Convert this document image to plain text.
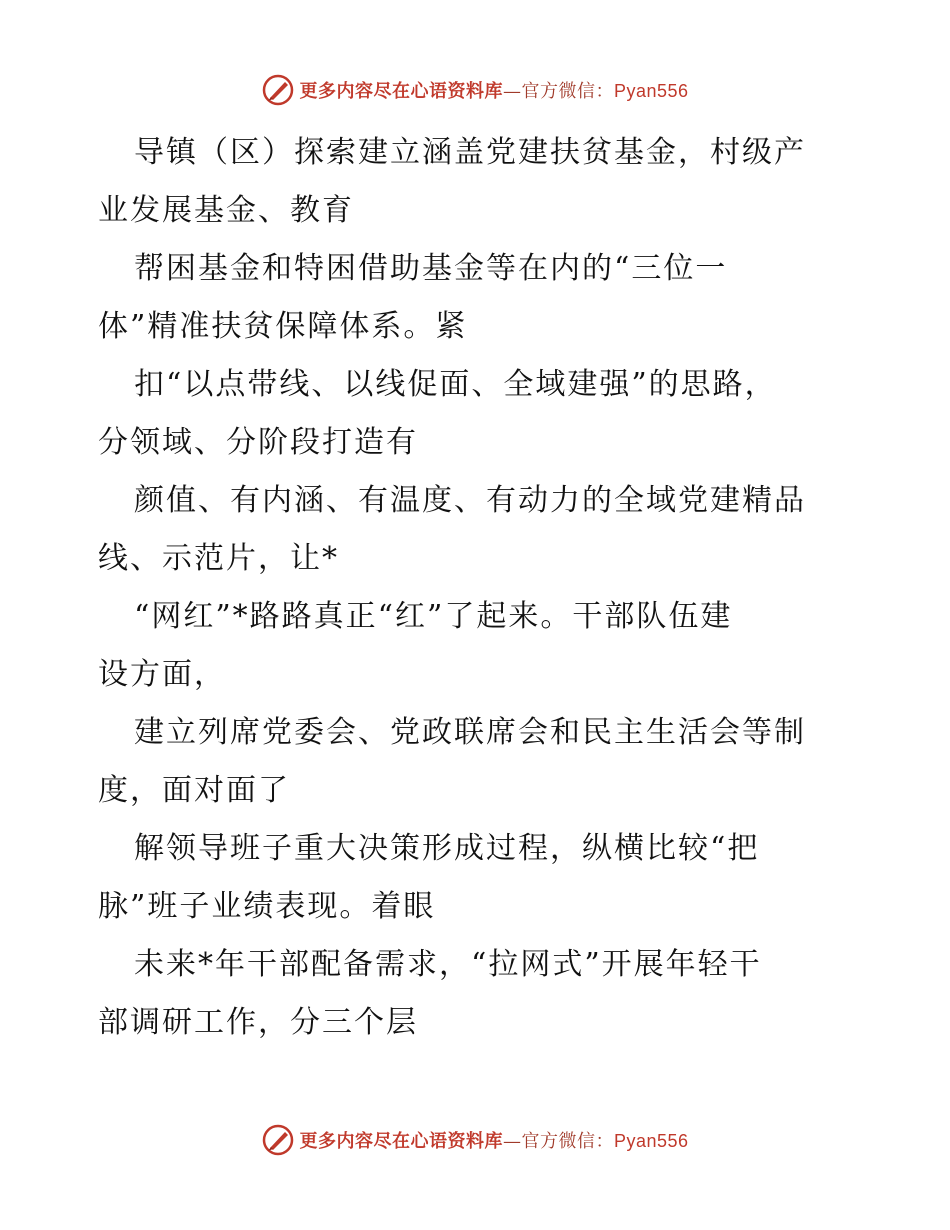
更多内容尽在心语资料库—官方微信：Pyan556
导镇（区）探索建立涵盖党建扶贫基金，村级产
业发展基金、教育
帮困基金和特困借助基金等在内的“三位一
体”精准扶贫保障体系。紧
扣“以点带线、以线促面、全域建强”的思路，
分领域、分阶段打造有
颜值、有内涵、有温度、有动力的全域党建精品
线、示范片，让*
“网红”*路路真正“红”了起来。干部队伍建
设方面，
建立列席党委会、党政联席会和民主生活会等制
度，面对面了
解领导班子重大决策形成过程，纵横比较“把
脉”班子业绩表现。着眼
未来*年干部配备需求，“拉网式”开展年轻干
部调研工作，分三个层
更多内容尽在心语资料库—官方微信：Pyan556
